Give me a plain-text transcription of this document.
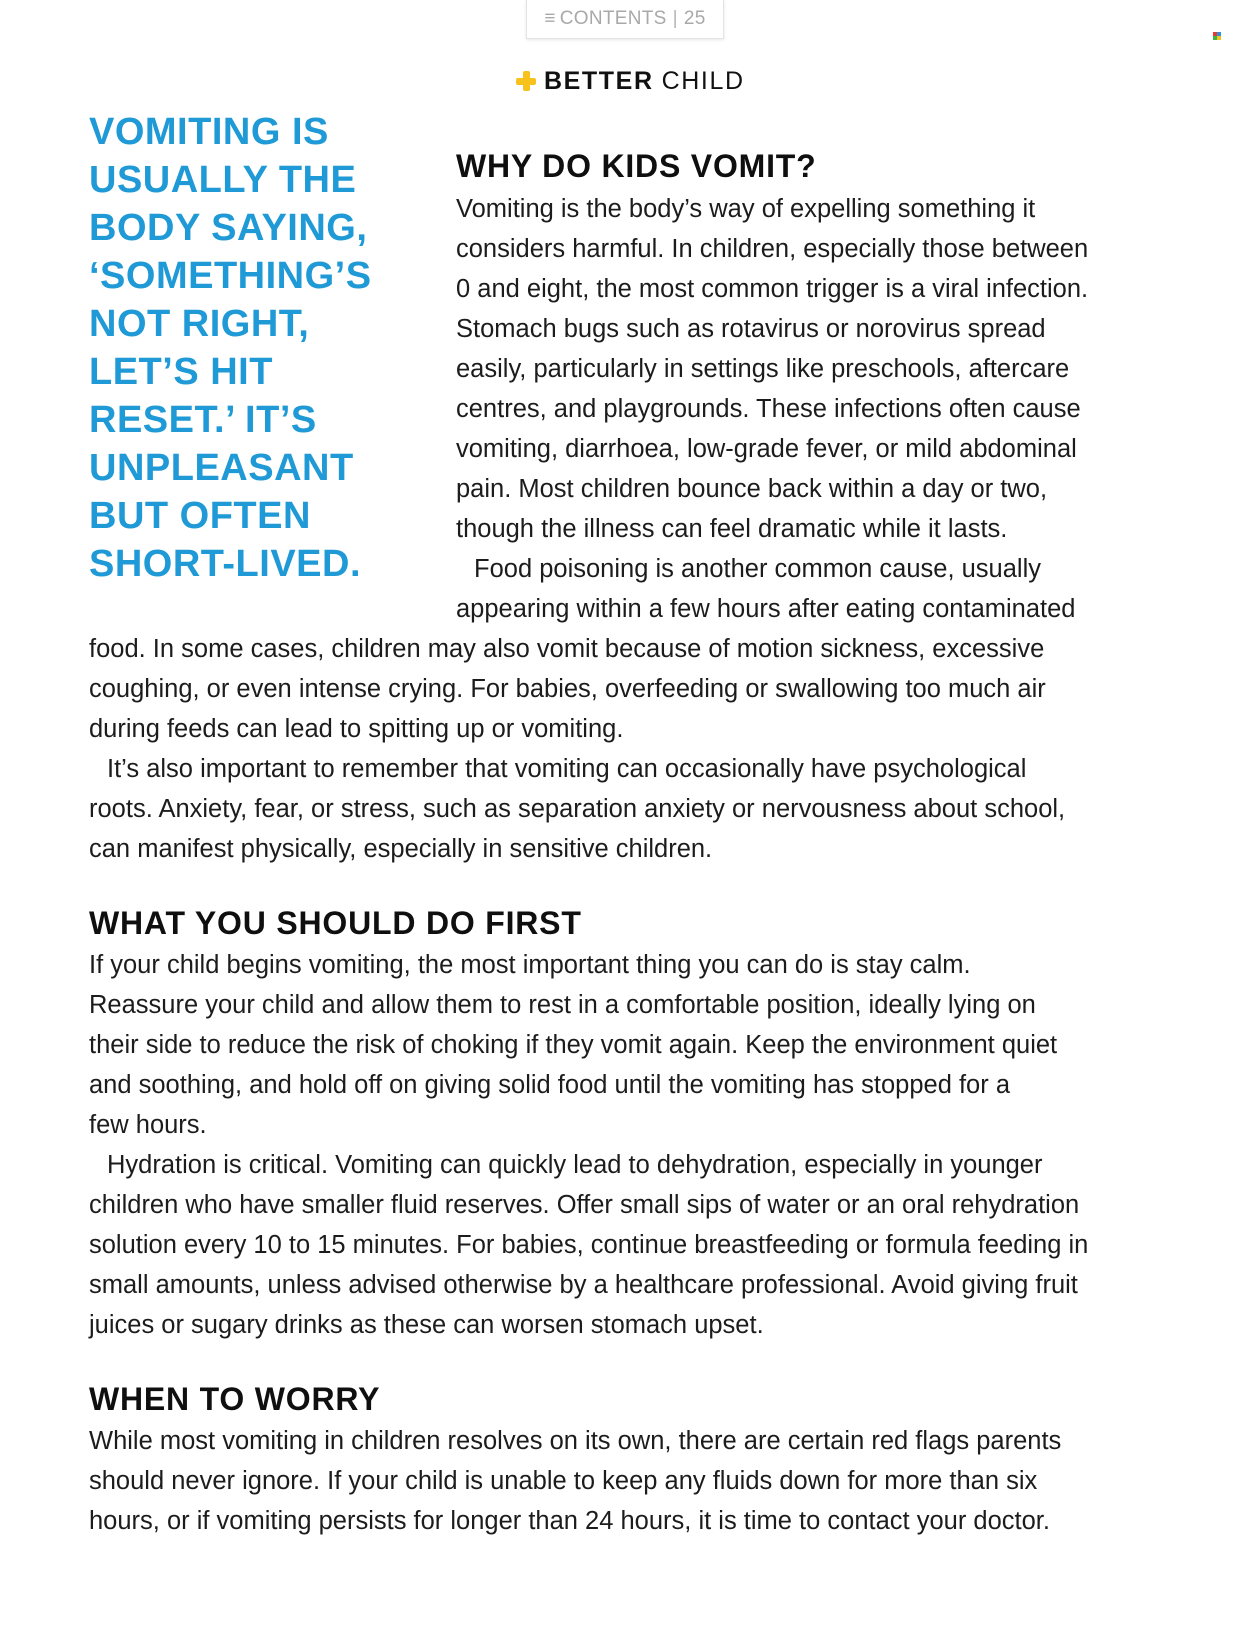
≡ CONTENTS | 25
BETTER CHILD
VOMITING IS
USUALLY THE
BODY SAYING,
‘SOMETHING’S
NOT RIGHT,
LET’S HIT
RESET.’ IT’S
UNPLEASANT
BUT OFTEN
SHORT-LIVED.
WHY DO KIDS VOMIT?
Vomiting is the body’s way of expelling something it
considers harmful. In children, especially those between
0 and eight, the most common trigger is a viral infection.
Stomach bugs such as rotavirus or norovirus spread
easily, particularly in settings like preschools, aftercare
centres, and playgrounds. These infections often cause
vomiting, diarrhoea, low-grade fever, or mild abdominal
pain. Most children bounce back within a day or two,
though the illness can feel dramatic while it lasts.
Food poisoning is another common cause, usually
appearing within a few hours after eating contaminated
food. In some cases, children may also vomit because of motion sickness, excessive
coughing, or even intense crying. For babies, overfeeding or swallowing too much air
during feeds can lead to spitting up or vomiting.
It’s also important to remember that vomiting can occasionally have psychological
roots. Anxiety, fear, or stress, such as separation anxiety or nervousness about school,
can manifest physically, especially in sensitive children.
WHAT YOU SHOULD DO FIRST
If your child begins vomiting, the most important thing you can do is stay calm.
Reassure your child and allow them to rest in a comfortable position, ideally lying on
their side to reduce the risk of choking if they vomit again. Keep the environment quiet
and soothing, and hold off on giving solid food until the vomiting has stopped for a
few hours.
Hydration is critical. Vomiting can quickly lead to dehydration, especially in younger
children who have smaller fluid reserves. Offer small sips of water or an oral rehydration
solution every 10 to 15 minutes. For babies, continue breastfeeding or formula feeding in
small amounts, unless advised otherwise by a healthcare professional. Avoid giving fruit
juices or sugary drinks as these can worsen stomach upset.
WHEN TO WORRY
While most vomiting in children resolves on its own, there are certain red flags parents
should never ignore. If your child is unable to keep any fluids down for more than six
hours, or if vomiting persists for longer than 24 hours, it is time to contact your doctor.
